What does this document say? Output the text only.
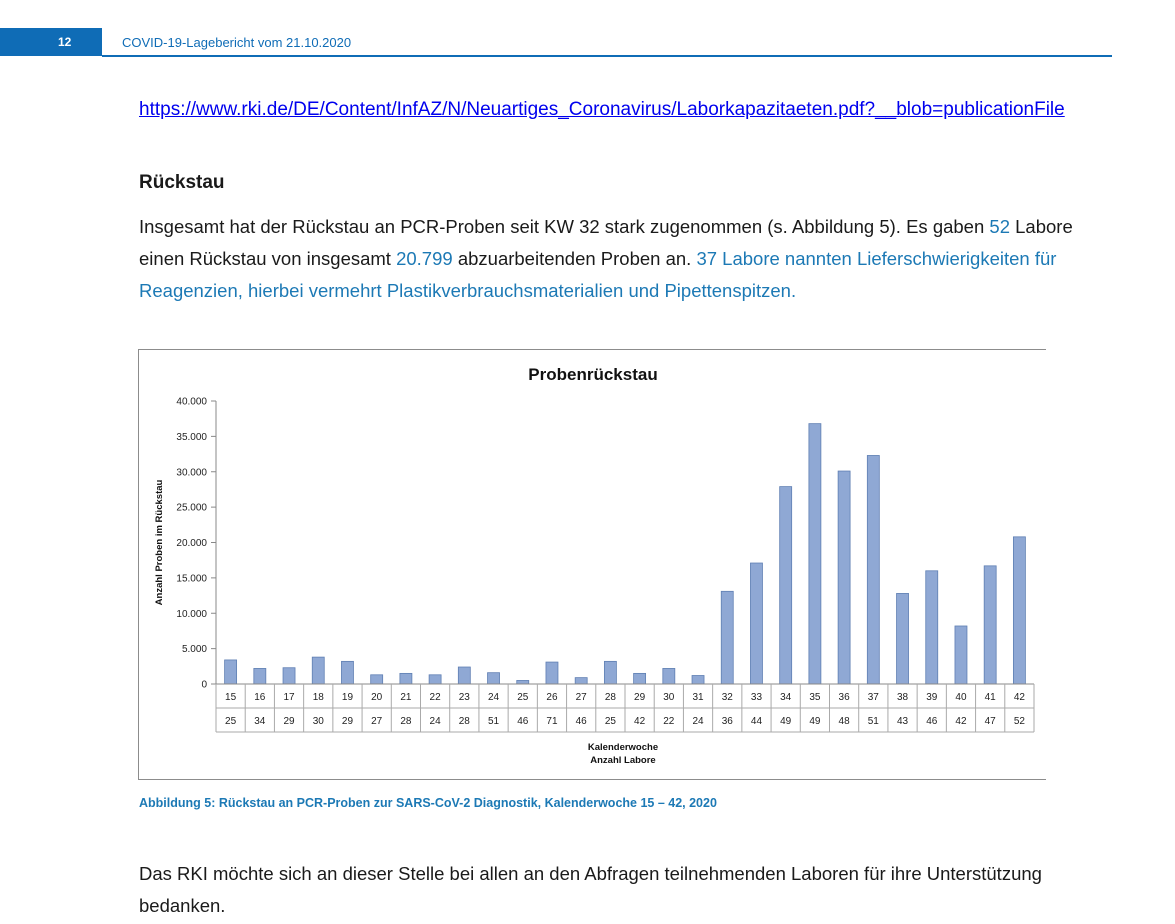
12	COVID-19-Lagebericht vom 21.10.2020
https://www.rki.de/DE/Content/InfAZ/N/Neuartiges_Coronavirus/Laborkapazitaeten.pdf?__blob=publicationFile
Rückstau
Insgesamt hat der Rückstau an PCR-Proben seit KW 32 stark zugenommen (s. Abbildung 5). Es gaben 52 Labore einen Rückstau von insgesamt 20.799 abzuarbeitenden Proben an. 37 Labore nannten Lieferschwierigkeiten für Reagenzien, hierbei vermehrt Plastikverbrauchsmaterialien und Pipettenspitzen.
Probenrückstau
0
5.000
10.000
15.000
20.000
25.000
30.000
35.000
40.000
Anzahl Proben im Rückstau
15
25
16
34
17
29
18
30
19
29
20
27
21
28
22
24
23
28
24
51
25
46
26
71
27
46
28
25
29
42
30
22
31
24
32
36
33
44
34
49
35
49
36
48
37
51
38
43
39
46
40
42
41
47
42
52
Kalenderwoche
Anzahl Labore
Abbildung 5: Rückstau an PCR-Proben zur SARS-CoV-2 Diagnostik, Kalenderwoche 15 – 42, 2020
Das RKI möchte sich an dieser Stelle bei allen an den Abfragen teilnehmenden Laboren für ihre Unterstützung bedanken.
